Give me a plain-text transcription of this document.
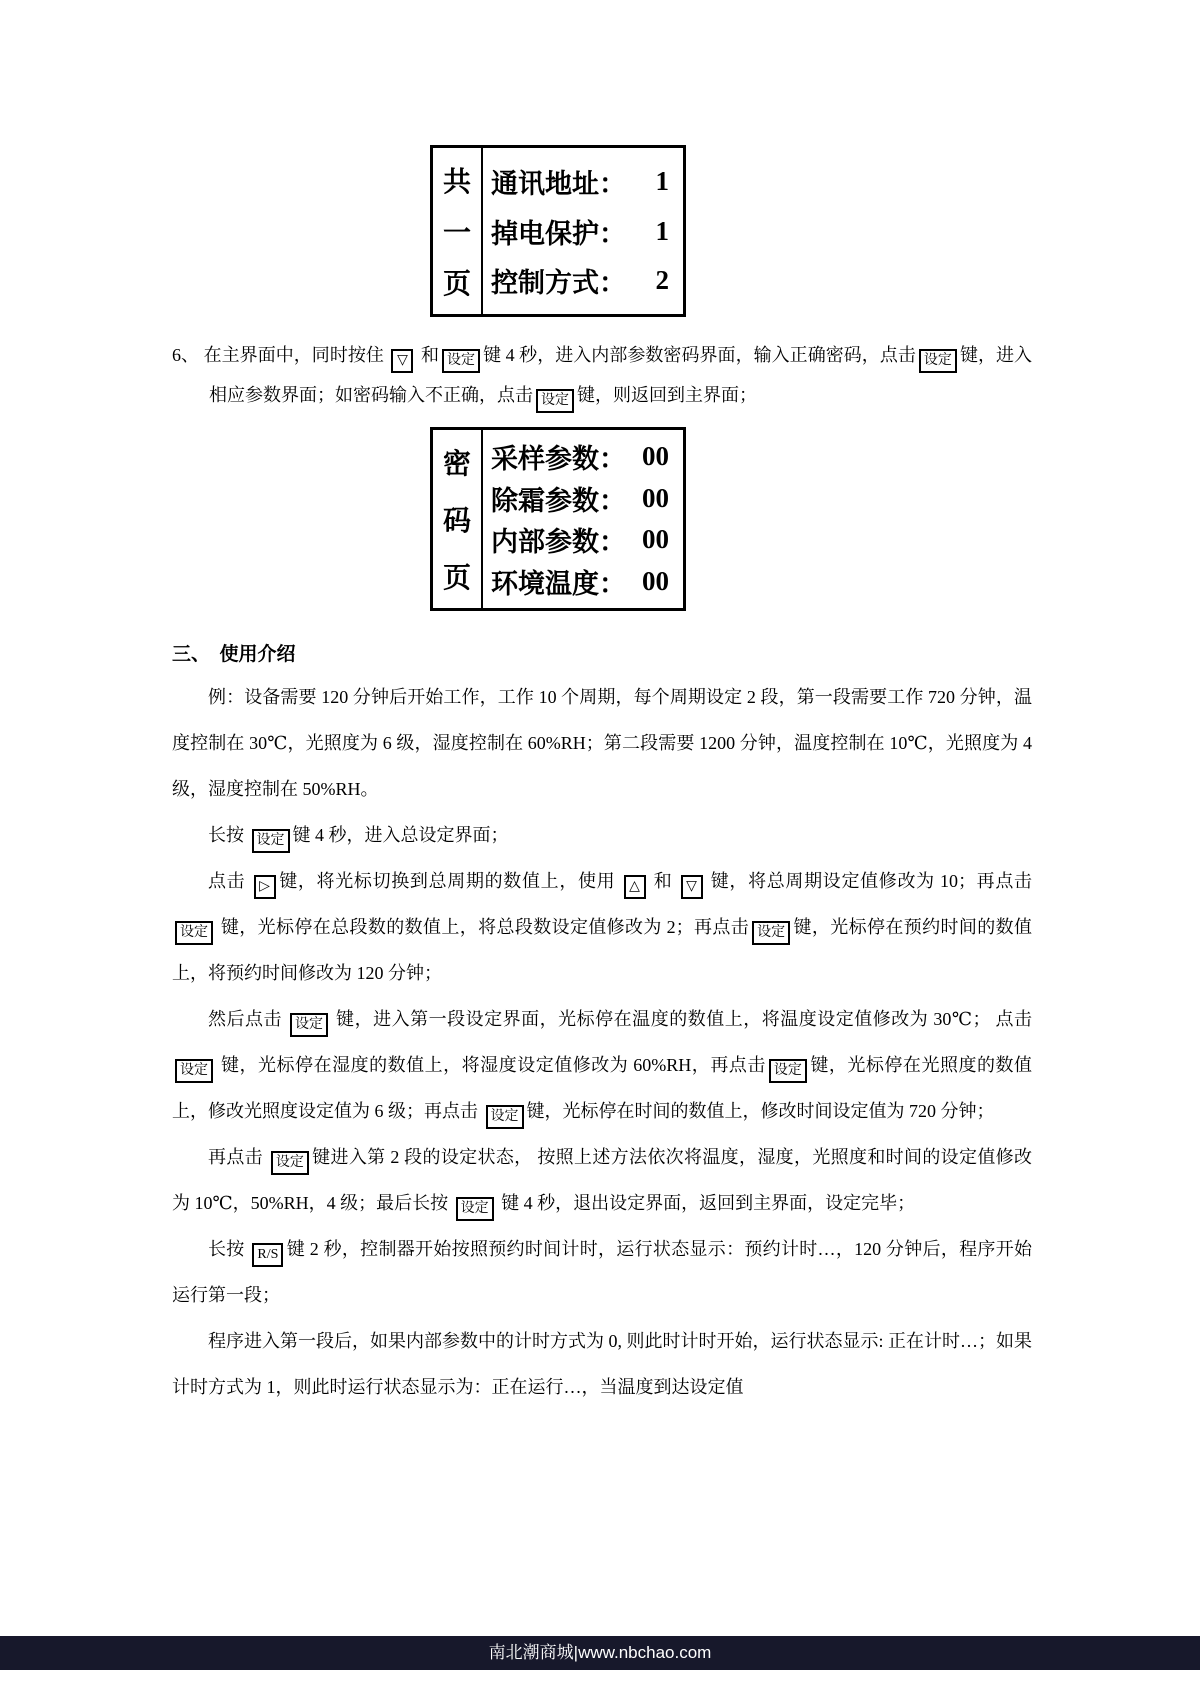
共
一
页
通讯地址： 1
掉电保护： 1
控制方式： 2

6、 在主界面中，同时按住 ▽ 和 设定 键 4 秒，进入内部参数密码界面，输入正确密码，点击 设定 键，进入相应参数界面；如密码输入不正确，点击 设定 键，则返回到主界面；

密
码
页
采样参数： 00
除霜参数： 00
内部参数： 00
环境温度： 00
三、　使用介绍

例：设备需要 120 分钟后开始工作，工作 10 个周期，每个周期设定 2 段，第一段需要工作 720 分钟，温度控制在 30℃，光照度为 6 级，湿度控制在 60%RH；第二段需要 1200 分钟，温度控制在 10℃，光照度为 4 级，湿度控制在 50%RH。

长按 设定 键 4 秒，进入总设定界面；

点击 ▷ 键，将光标切换到总周期的数值上，使用 △ 和 ▽ 键，将总周期设定值修改为 10；再点击设定 键，光标停在总段数的数值上，将总段数设定值修改为 2；再点击 设定 键，光标停在预约时间的数值上，将预约时间修改为 120 分钟；

然后点击 设定 键，进入第一段设定界面，光标停在温度的数值上，将温度设定值修改为 30℃； 点击 设定 键，光标停在湿度的数值上，将湿度设定值修改为 60%RH，再点击 设定 键，光标停在光照度的数值上，修改光照度设定值为 6 级；再点击 设定 键，光标停在时间的数值上，修改时间设定值为 720 分钟；

再点击 设定 键进入第 2 段的设定状态， 按照上述方法依次将温度，湿度，光照度和时间的设定值修改为 10℃，50%RH，4 级；最后长按 设定 键 4 秒，退出设定界面，返回到主界面，设定完毕；

长按 R/S 键 2 秒，控制器开始按照预约时间计时，运行状态显示：预约计时…，120 分钟后，程序开始运行第一段；

程序进入第一段后，如果内部参数中的计时方式为 0, 则此时计时开始，运行状态显示: 正在计时…；如果计时方式为 1，则此时运行状态显示为：正在运行…，当温度到达设定值

南北潮商城|www.nbchao.com
